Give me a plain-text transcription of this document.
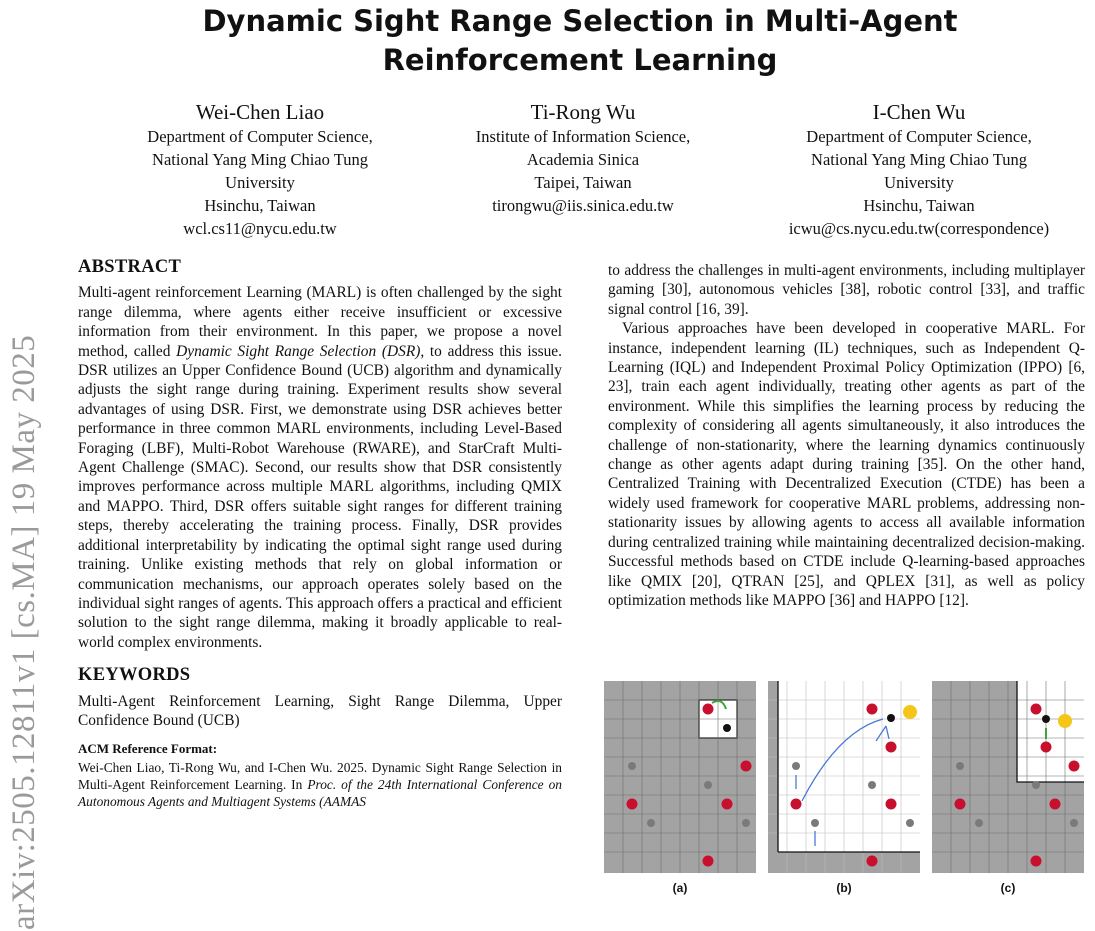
arXiv:2505.12811v1 [cs.MA] 19 May 2025
Dynamic Sight Range Selection in Multi-Agent Reinforcement Learning
Wei-Chen Liao
Department of Computer Science,
National Yang Ming Chiao Tung
University
Hsinchu, Taiwan
wcl.cs11@nycu.edu.tw
Ti-Rong Wu
Institute of Information Science,
Academia Sinica
Taipei, Taiwan
tirongwu@iis.sinica.edu.tw
I-Chen Wu
Department of Computer Science,
National Yang Ming Chiao Tung
University
Hsinchu, Taiwan
icwu@cs.nycu.edu.tw(correspondence)
ABSTRACT

Multi-agent reinforcement Learning (MARL) is often challenged by the sight range dilemma, where agents either receive insufficient or excessive information from their environment. In this paper, we propose a novel method, called Dynamic Sight Range Selection (DSR), to address this issue. DSR utilizes an Upper Confidence Bound (UCB) algorithm and dynamically adjusts the sight range during training. Experiment results show several advantages of using DSR. First, we demonstrate using DSR achieves better performance in three common MARL environments, including Level-Based Foraging (LBF), Multi-Robot Warehouse (RWARE), and StarCraft Multi-Agent Challenge (SMAC). Second, our results show that DSR consistently improves performance across multiple MARL algorithms, including QMIX and MAPPO. Third, DSR offers suitable sight ranges for different training steps, thereby accelerating the training process. Finally, DSR provides additional interpretability by indicating the optimal sight range used during training. Unlike existing methods that rely on global information or communication mechanisms, our approach operates solely based on the individual sight ranges of agents. This approach offers a practical and efficient solution to the sight range dilemma, making it broadly applicable to real-world complex environments.

KEYWORDS

Multi-Agent Reinforcement Learning, Sight Range Dilemma, Upper Confidence Bound (UCB)

ACM Reference Format:

Wei-Chen Liao, Ti-Rong Wu, and I-Chen Wu. 2025. Dynamic Sight Range Selection in Multi-Agent Reinforcement Learning. In Proc. of the 24th International Conference on Autonomous Agents and Multiagent Systems (AAMAS

to address the challenges in multi-agent environments, including multiplayer gaming [30], autonomous vehicles [38], robotic control [33], and traffic signal control [16, 39].

Various approaches have been developed in cooperative MARL. For instance, independent learning (IL) techniques, such as Independent Q-Learning (IQL) and Independent Proximal Policy Optimization (IPPO) [6, 23], train each agent individually, treating other agents as part of the environment. While this simplifies the learning process by reducing the complexity of considering all agents simultaneously, it also introduces the challenge of non-stationarity, where the learning dynamics continuously change as other agents adapt during training [35]. On the other hand, Centralized Training with Decentralized Execution (CTDE) has been a widely used framework for cooperative MARL problems, addressing non-stationarity issues by allowing agents to access all available information during centralized training while maintaining decentralized decision-making. Successful methods based on CTDE include Q-learning-based approaches like QMIX [20], QTRAN [25], and QPLEX [31], as well as policy optimization methods like MAPPO [36] and HAPPO [12].

(a)	(b)	(c)
